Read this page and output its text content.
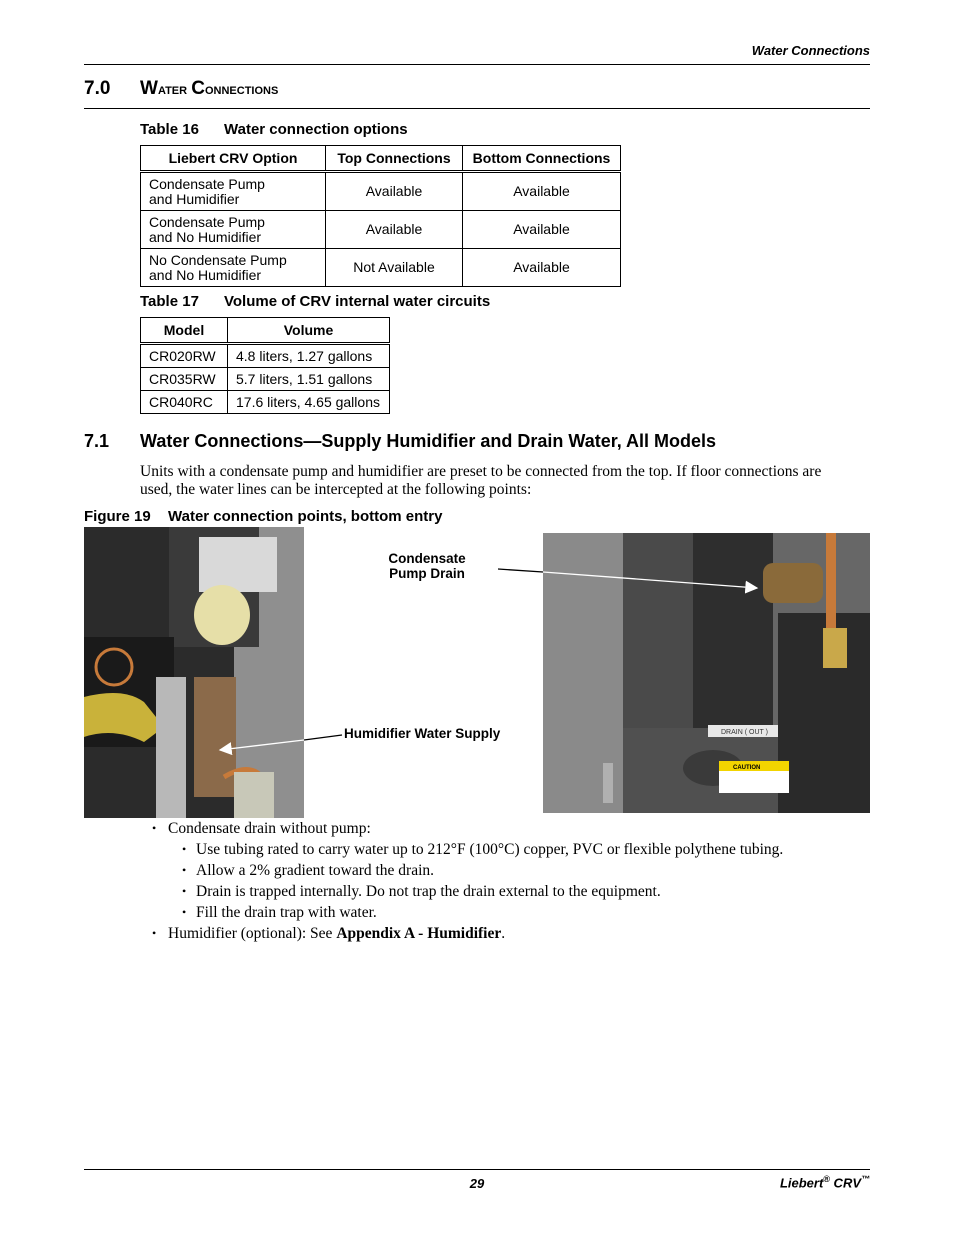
Water Connections
7.0 Water Connections
Table 16 Water connection options
Liebert CRV Option	Top Connections	Bottom Connections
Condensate Pump
and Humidifier	Available	Available
Condensate Pump
and No Humidifier	Available	Available
No Condensate Pump
and No Humidifier	Not Available	Available
Table 17 Volume of CRV internal water circuits
Model	Volume
CR020RW	4.8 liters, 1.27 gallons
CR035RW	5.7 liters, 1.51 gallons
CR040RC	17.6 liters, 4.65 gallons
7.1 Water Connections—Supply Humidifier and Drain Water, All Models
Units with a condensate pump and humidifier are preset to be connected from the top. If floor connections are used, the water lines can be intercepted at the following points:
Figure 19 Water connection points, bottom entry
DRAIN ( OUT )
CAUTION
Condensate
Pump Drain
Humidifier Water Supply
• Condensate drain without pump:
• Use tubing rated to carry water up to 212°F (100°C) copper, PVC or flexible polythene tubing.
• Allow a 2% gradient toward the drain.
• Drain is trapped internally. Do not trap the drain external to the equipment.
• Fill the drain trap with water.
• Humidifier (optional): See Appendix A - Humidifier.
29	Liebert® CRV™
